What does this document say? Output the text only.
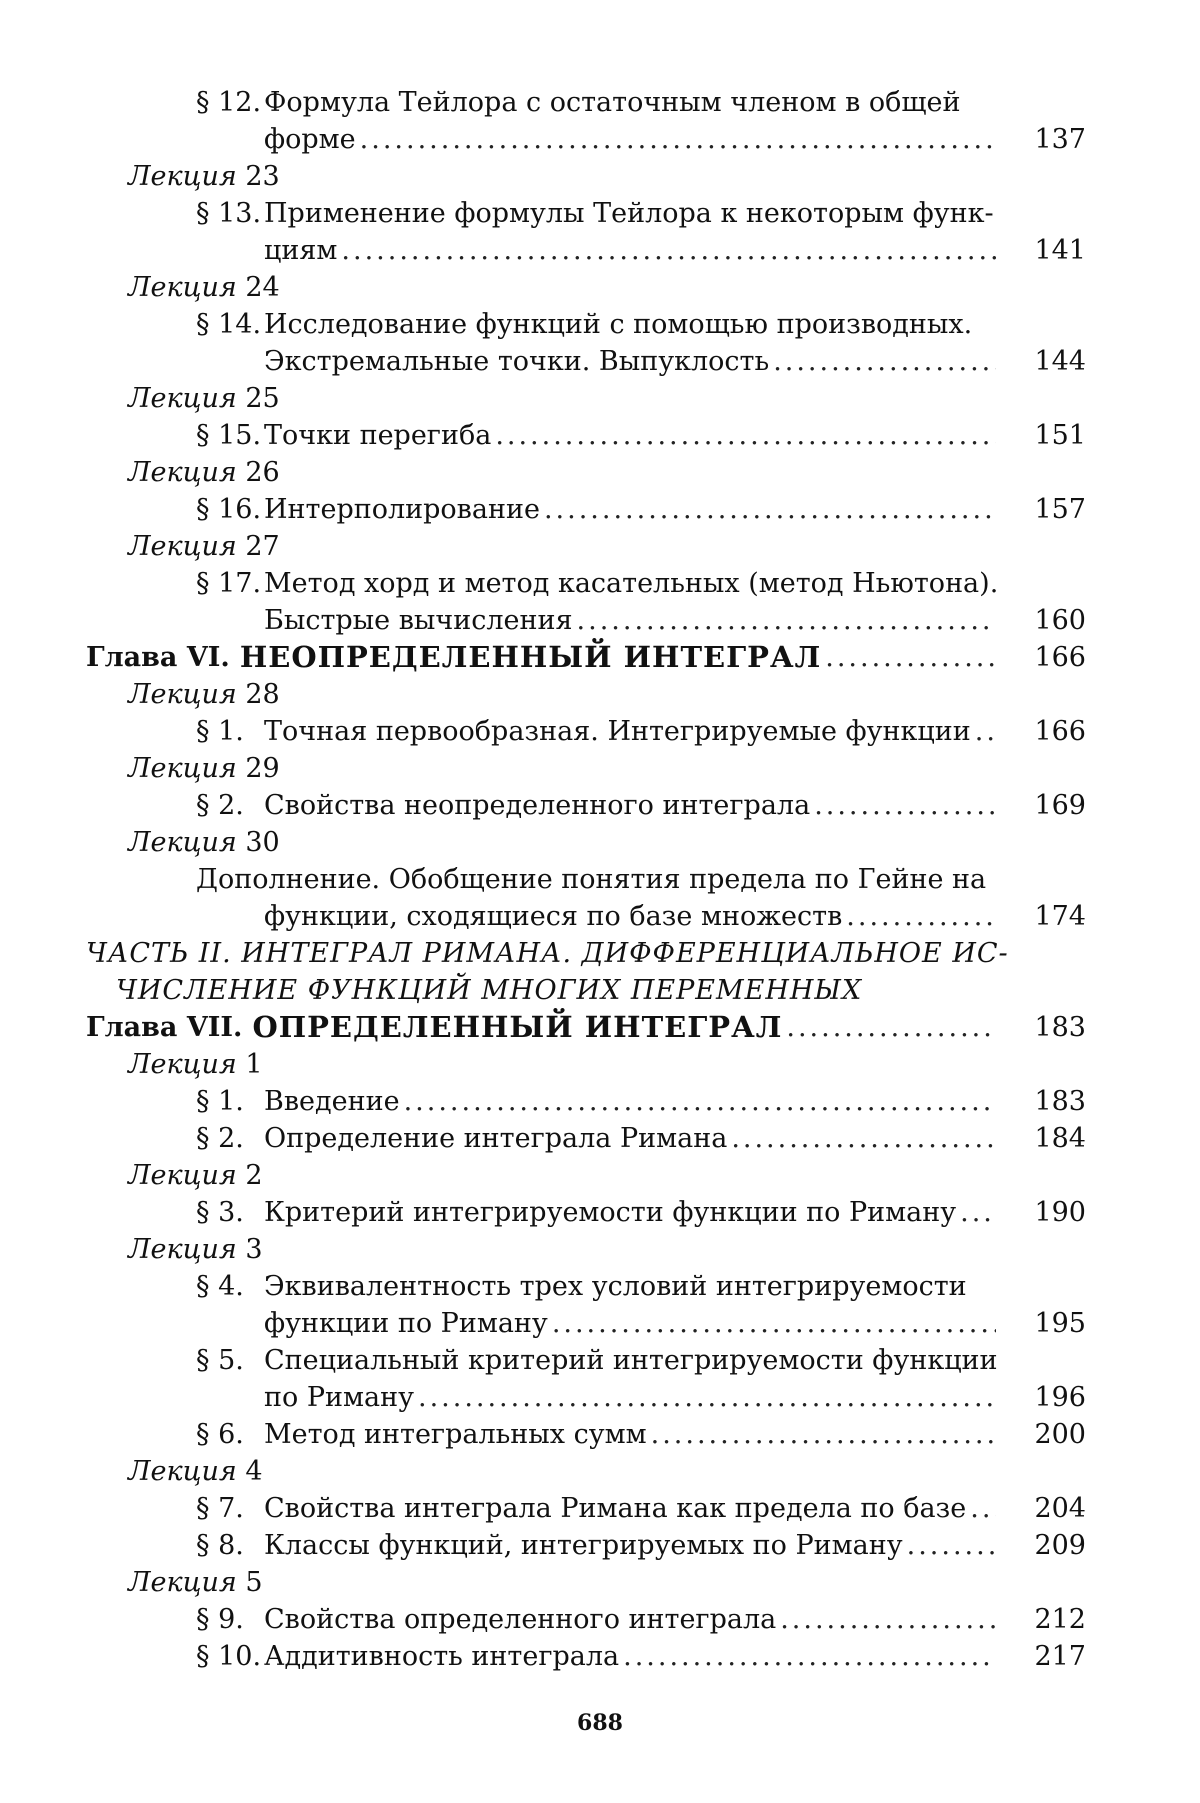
§ 12. Формула Тейлора с остаточным членом в общей
форме .....	137
Лекция 23
§ 13. Применение формулы Тейлора к некоторым функ-
циям .....	141
Лекция 24
§ 14. Исследование функций с помощью производных.
Экстремальные точки. Выпуклость .....	144
Лекция 25
§ 15. Точки перегиба .....	151
Лекция 26
§ 16. Интерполирование .....	157
Лекция 27
§ 17. Метод хорд и метод касательных (метод Ньютона).
Быстрые вычисления .....	160
Глава VI. НЕОПРЕДЕЛЕННЫЙ ИНТЕГРАЛ .....	166
Лекция 28
§ 1. Точная первообразная. Интегрируемые функции .....	166
Лекция 29
§ 2. Свойства неопределенного интеграла .....	169
Лекция 30
Дополнение. Обобщение понятия предела по Гейне на
функции, сходящиеся по базе множеств .....	174
ЧАСТЬ II. ИНТЕГРАЛ РИМАНА. ДИФФЕРЕНЦИАЛЬНОЕ ИС-
ЧИСЛЕНИЕ ФУНКЦИЙ МНОГИХ ПЕРЕМЕННЫХ
Глава VII. ОПРЕДЕЛЕННЫЙ ИНТЕГРАЛ .....	183
Лекция 1
§ 1. Введение .....	183
§ 2. Определение интеграла Римана .....	184
Лекция 2
§ 3. Критерий интегрируемости функции по Риману .....	190
Лекция 3
§ 4. Эквивалентность трех условий интегрируемости
функции по Риману .....	195
§ 5. Специальный критерий интегрируемости функции
по Риману .....	196
§ 6. Метод интегральных сумм .....	200
Лекция 4
§ 7. Свойства интеграла Римана как предела по базе .....	204
§ 8. Классы функций, интегрируемых по Риману .....	209
Лекция 5
§ 9. Свойства определенного интеграла .....	212
§ 10. Аддитивность интеграла .....	217
688
